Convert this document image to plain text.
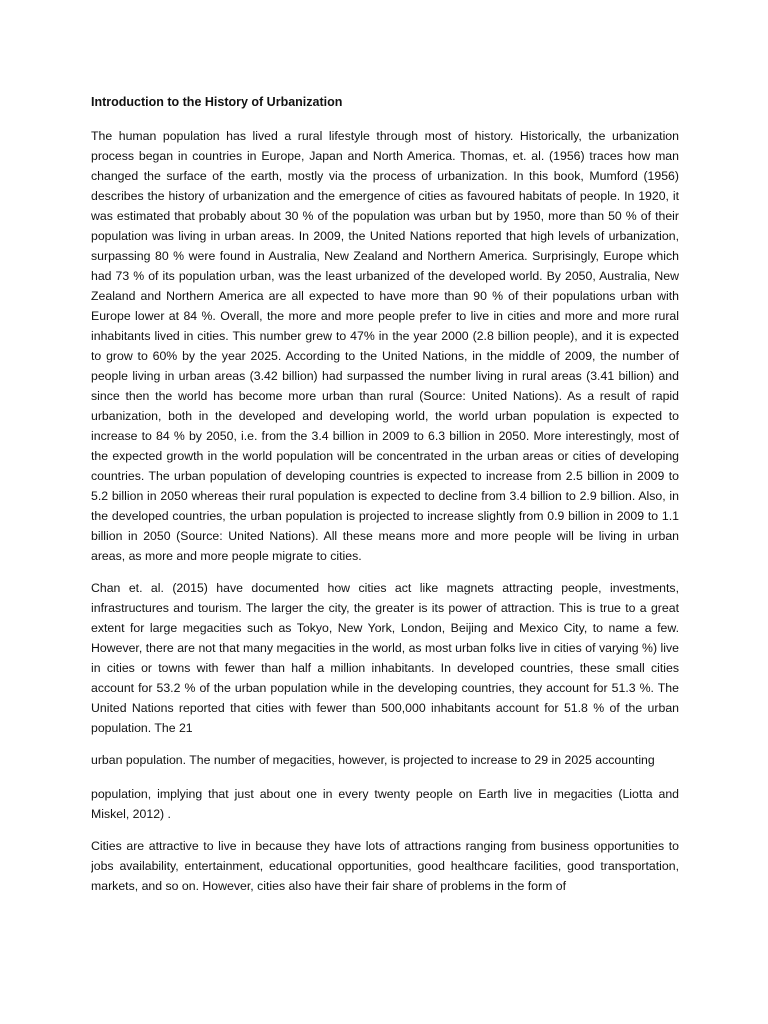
Introduction to the History of Urbanization

The human population has lived a rural lifestyle through most of history. Historically, the urbanization process began in countries in Europe, Japan and North America. Thomas, et. al. (1956) traces how man changed the surface of the earth, mostly via the process of urbanization. In this book, Mumford (1956) describes the history of urbanization and the emergence of cities as favoured habitats of people. In 1920, it was estimated that probably about 30 % of the population was urban but by 1950, more than 50 % of their population was living in urban areas. In 2009, the United Nations reported that high levels of urbanization, surpassing 80 % were found in Australia, New Zealand and Northern America. Surprisingly, Europe which had 73 % of its population urban, was the least urbanized of the developed world. By 2050, Australia, New Zealand and Northern America are all expected to have more than 90 % of their populations urban with Europe lower at 84 %. Overall, the more and more people prefer to live in cities and more and more rural inhabitants lived in cities. This number grew to 47% in the year 2000 (2.8 billion people), and it is expected to grow to 60% by the year 2025. According to the United Nations, in the middle of 2009, the number of people living in urban areas (3.42 billion) had surpassed the number living in rural areas (3.41 billion) and since then the world has become more urban than rural (Source: United Nations). As a result of rapid urbanization, both in the developed and developing world, the world urban population is expected to increase to 84 % by 2050, i.e. from the 3.4 billion in 2009 to 6.3 billion in 2050. More interestingly, most of the expected growth in the world population will be concentrated in the urban areas or cities of developing countries. The urban population of developing countries is expected to increase from 2.5 billion in 2009 to 5.2 billion in 2050 whereas their rural population is expected to decline from 3.4 billion to 2.9 billion. Also, in the developed countries, the urban population is projected to increase slightly from 0.9 billion in 2009 to 1.1 billion in 2050 (Source: United Nations). All these means more and more people will be living in urban areas, as more and more people migrate to cities.

Chan et. al. (2015) have documented how cities act like magnets attracting people, investments, infrastructures and tourism. The larger the city, the greater is its power of attraction. This is true to a great extent for large megacities such as Tokyo, New York, London, Beijing and Mexico City, to name a few. However, there are not that many megacities in the world, as most urban folks live in cities of varying %) live in cities or towns with fewer than half a million inhabitants. In developed countries, these small cities account for 53.2 % of the urban population while in the developing countries, they account for 51.3 %. The United Nations reported that cities with fewer than 500,000 inhabitants account for 51.8 % of the urban population. The 21

urban population. The number of megacities, however, is projected to increase to 29 in 2025 accounting

population, implying that just about one in every twenty people on Earth live in megacities (Liotta and Miskel, 2012) .

Cities are attractive to live in because they have lots of attractions ranging from business opportunities to jobs availability, entertainment, educational opportunities, good healthcare facilities, good transportation, markets, and so on. However, cities also have their fair share of problems in the form of
